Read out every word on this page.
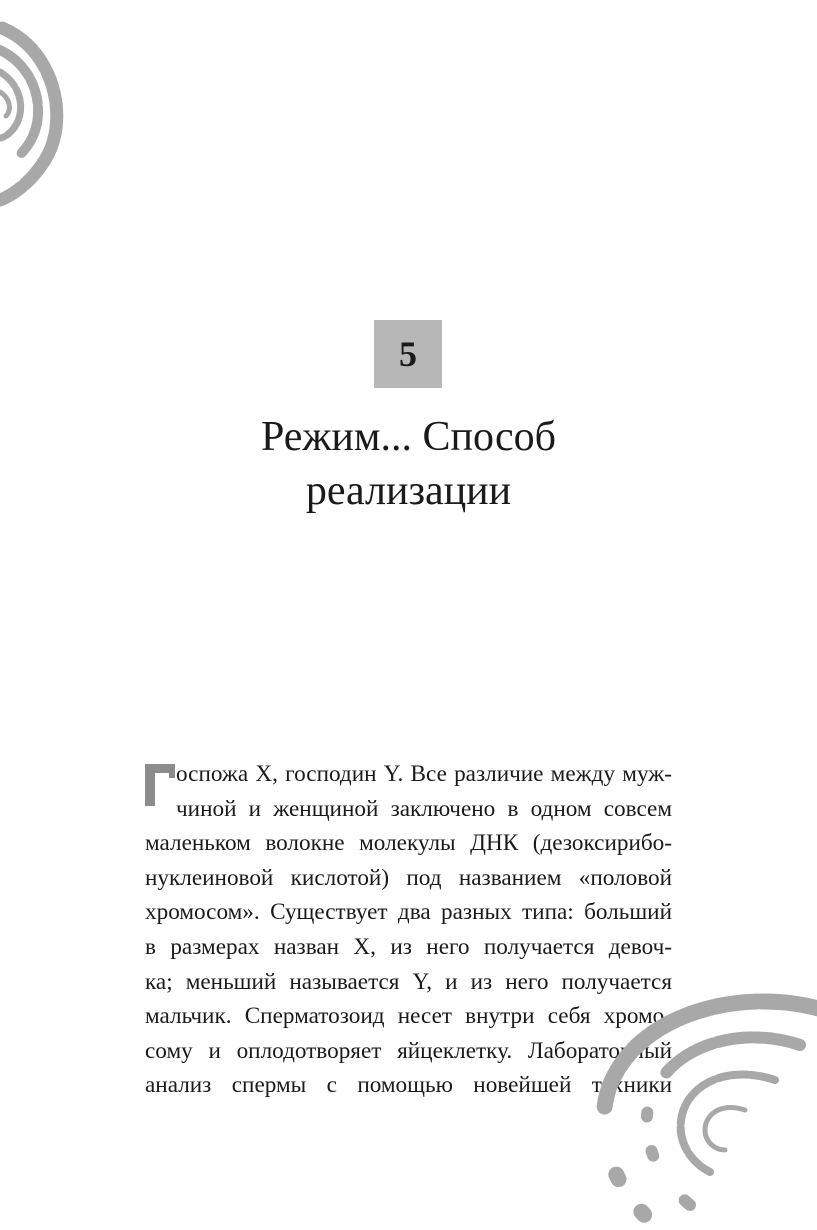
5
Режим... Способ
реализации
оспожа X, господин Y. Все различие между муж-
чиной и женщиной заключено в одном совсем
маленьком волокне молекулы ДНК (дезоксирибо-
нуклеиновой кислотой) под названием «половой
хромосом». Существует два разных типа: больший
в размерах назван X, из него получается девоч-
ка; меньший называется Y, и из него получается
мальчик. Сперматозоид несет внутри себя хромо-
сому и оплодотворяет яйцеклетку. Лабораторный
анализ спермы с помощью новейшей техники
